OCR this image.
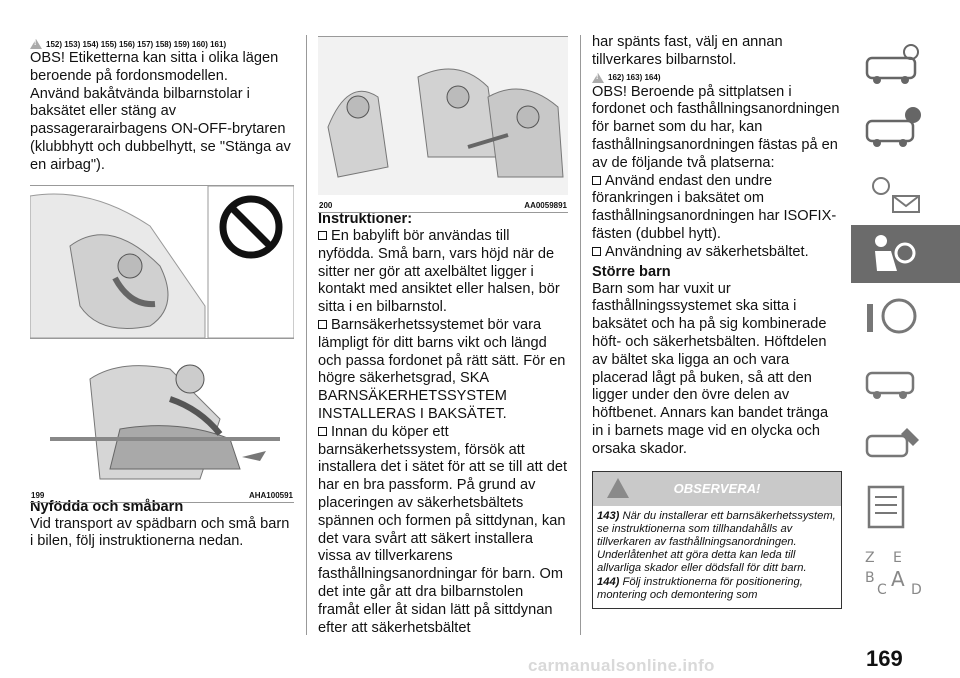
!
152) 153) 154) 155) 156) 157) 158) 159) 160) 161)

OBS! Etiketterna kan sitta i olika lägen beroende på fordonsmodellen.

Använd bakåtvända bilbarnstolar i baksätet eller stäng av passagerarairbagens ON-OFF-brytaren (klubbhytt och dubbelhytt, se "Stänga av en airbag").

199	AHA100591
Nyfödda och småbarn

Vid transport av spädbarn och små barn i bilen, följ instruktionerna nedan.

200	AA0059891
Instruktioner:

En babylift bör användas till nyfödda. Små barn, vars höjd när de sitter ner gör att axelbältet ligger i kontakt med ansiktet eller halsen, bör sitta i en bilbarnstol.

Barnsäkerhetssystemet bör vara lämpligt för ditt barns vikt och längd och passa fordonet på rätt sätt. För en högre säkerhetsgrad, SKA BARNSÄKERHETSSYSTEM INSTALLERAS I BAKSÄTET.

Innan du köper ett barnsäkerhetssystem, försök att installera det i sätet för att se till att det har en bra passform. På grund av placeringen av säkerhetsbältets spännen och formen på sittdynan, kan det vara svårt att säkert installera vissa av tillverkarens fasthållningsanordningar för barn. Om det inte går att dra bilbarnstolen framåt eller åt sidan lätt på sittdynan efter att säkerhetsbältet

har spänts fast, välj en annan tillverkares bilbarnstol.

!
162) 163) 164)

OBS! Beroende på sittplatsen i fordonet och fasthållningsanordningen för barnet som du har, kan fasthållningsanordningen fästas på en av de följande två platserna:

Använd endast den undre förankringen i baksätet om fasthållningsanordningen har ISOFIX-fästen (dubbel hytt).

Användning av säkerhetsbältet.

Större barn

Barn som har vuxit ur fasthållningssystemet ska sitta i baksätet och ha på sig kombinerade höft- och säkerhetsbälten. Höftdelen av bältet ska ligga an och vara placerad lågt på buken, så att den ligger under den övre delen av höftbenet. Annars kan bandet tränga in i barnets mage vid en olycka och orsaka skador.

OBSERVERA!
143) När du installerar ett barnsäkerhetssystem, se instruktionerna som tillhandahålls av tillverkaren av fasthållningsanordningen. Underlåtenhet att göra detta kan leda till allvarliga skador eller dödsfall för ditt barn.
144) Följ instruktionerna för positionering, montering och demontering som
Z E
B A
C D
169
carmanualsonline.info
